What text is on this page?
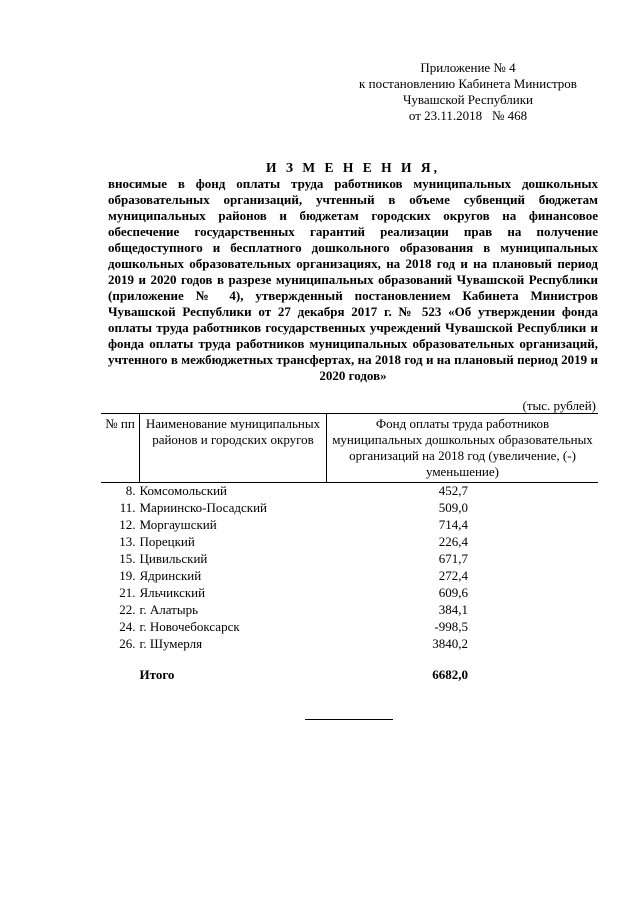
Приложение № 4
к постановлению Кабинета Министров
Чувашской Республики
от 23.11.2018 № 468
И З М Е Н Е Н И Я,
вносимые в фонд оплаты труда работников муниципальных дошкольных образовательных организаций, учтенный в объеме субвенций бюджетам муниципальных районов и бюджетам городских округов на финансовое обеспечение государственных гарантий реализации прав на получение общедоступного и бесплатного дошкольного образования в муниципальных дошкольных образовательных организациях, на 2018 год и на плановый период 2019 и 2020 годов в разрезе муниципальных образований Чувашской Республики (приложение № 4), утвержденный постановлением Кабинета Министров Чувашской Республики от 27 декабря 2017 г. № 523 «Об утверждении фонда оплаты труда работников государственных учреждений Чувашской Республики и фонда оплаты труда работников муниципальных образовательных организаций, учтенного в межбюджетных трансфертах, на 2018 год и на плановый период 2019 и 2020 годов»
(тыс. рублей)
№ пп	Наименование муниципальных районов и городских округов	Фонд оплаты труда работников муниципальных дошкольных образовательных организаций на 2018 год (увеличение, (-) уменьшение)
8.	Комсомольский	452,7
11.	Мариинско-Посадский	509,0
12.	Моргаушский	714,4
13.	Порецкий	226,4
15.	Цивильский	671,7
19.	Ядринский	272,4
21.	Яльчикский	609,6
22.	г. Алатырь	384,1
24.	г. Новочебоксарск	-998,5
26.	г. Шумерля	3840,2

	Итого	6682,0
